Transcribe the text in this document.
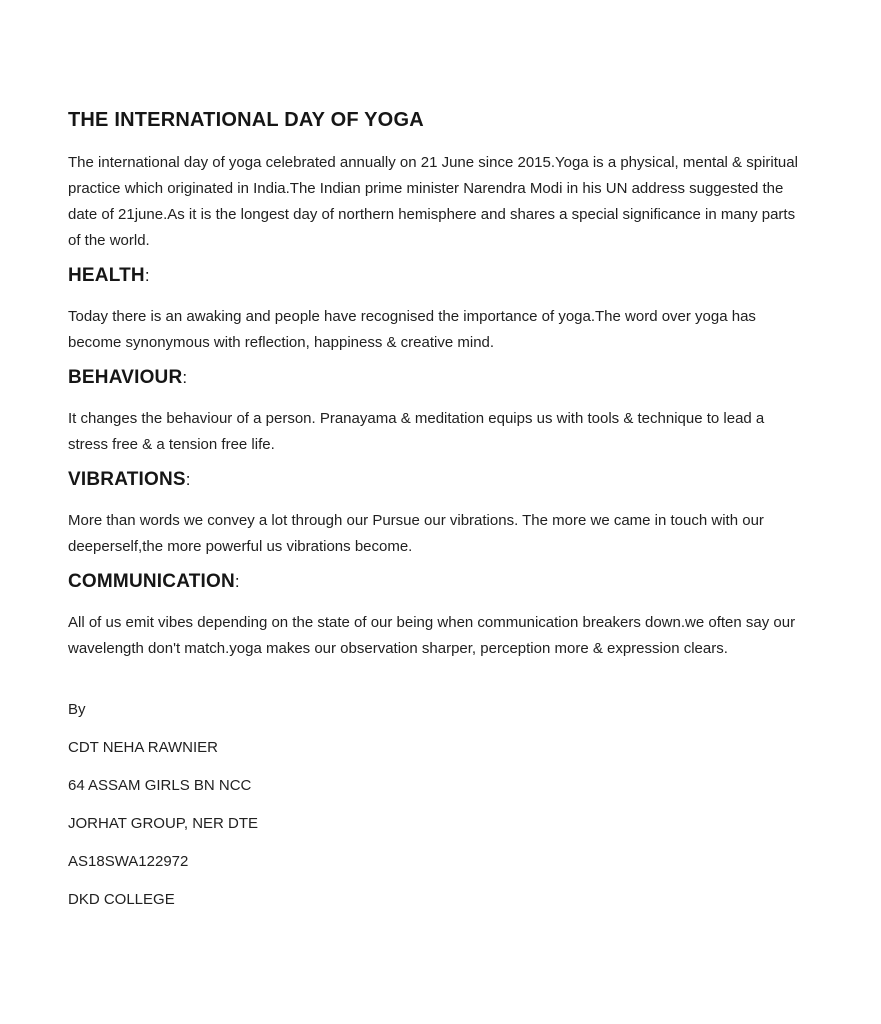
THE INTERNATIONAL DAY OF YOGA

The international day of yoga celebrated annually on 21 June since 2015.Yoga is a physical, mental & spiritual practice which originated in India.The Indian prime minister Narendra Modi in his UN address suggested the date of 21june.As it is the longest day of northern hemisphere and shares a special significance in many parts of the world.

HEALTH:

Today there is an awaking and people have recognised the importance of yoga.The word over yoga has become synonymous with reflection, happiness & creative mind.

BEHAVIOUR:

It changes the behaviour of a person. Pranayama & meditation equips us with tools & technique to lead a stress free & a tension free life.

VIBRATIONS:

More than words we convey a lot through our Pursue our vibrations. The more we came in touch with our deeperself,the more powerful us vibrations become.

COMMUNICATION:

All of us emit vibes depending on the state of our being when communication breakers down.we often say our wavelength don't match.yoga makes our observation sharper, perception more & expression clears.

By
CDT NEHA RAWNIER
64 ASSAM GIRLS BN NCC
JORHAT GROUP, NER DTE
AS18SWA122972
DKD COLLEGE
